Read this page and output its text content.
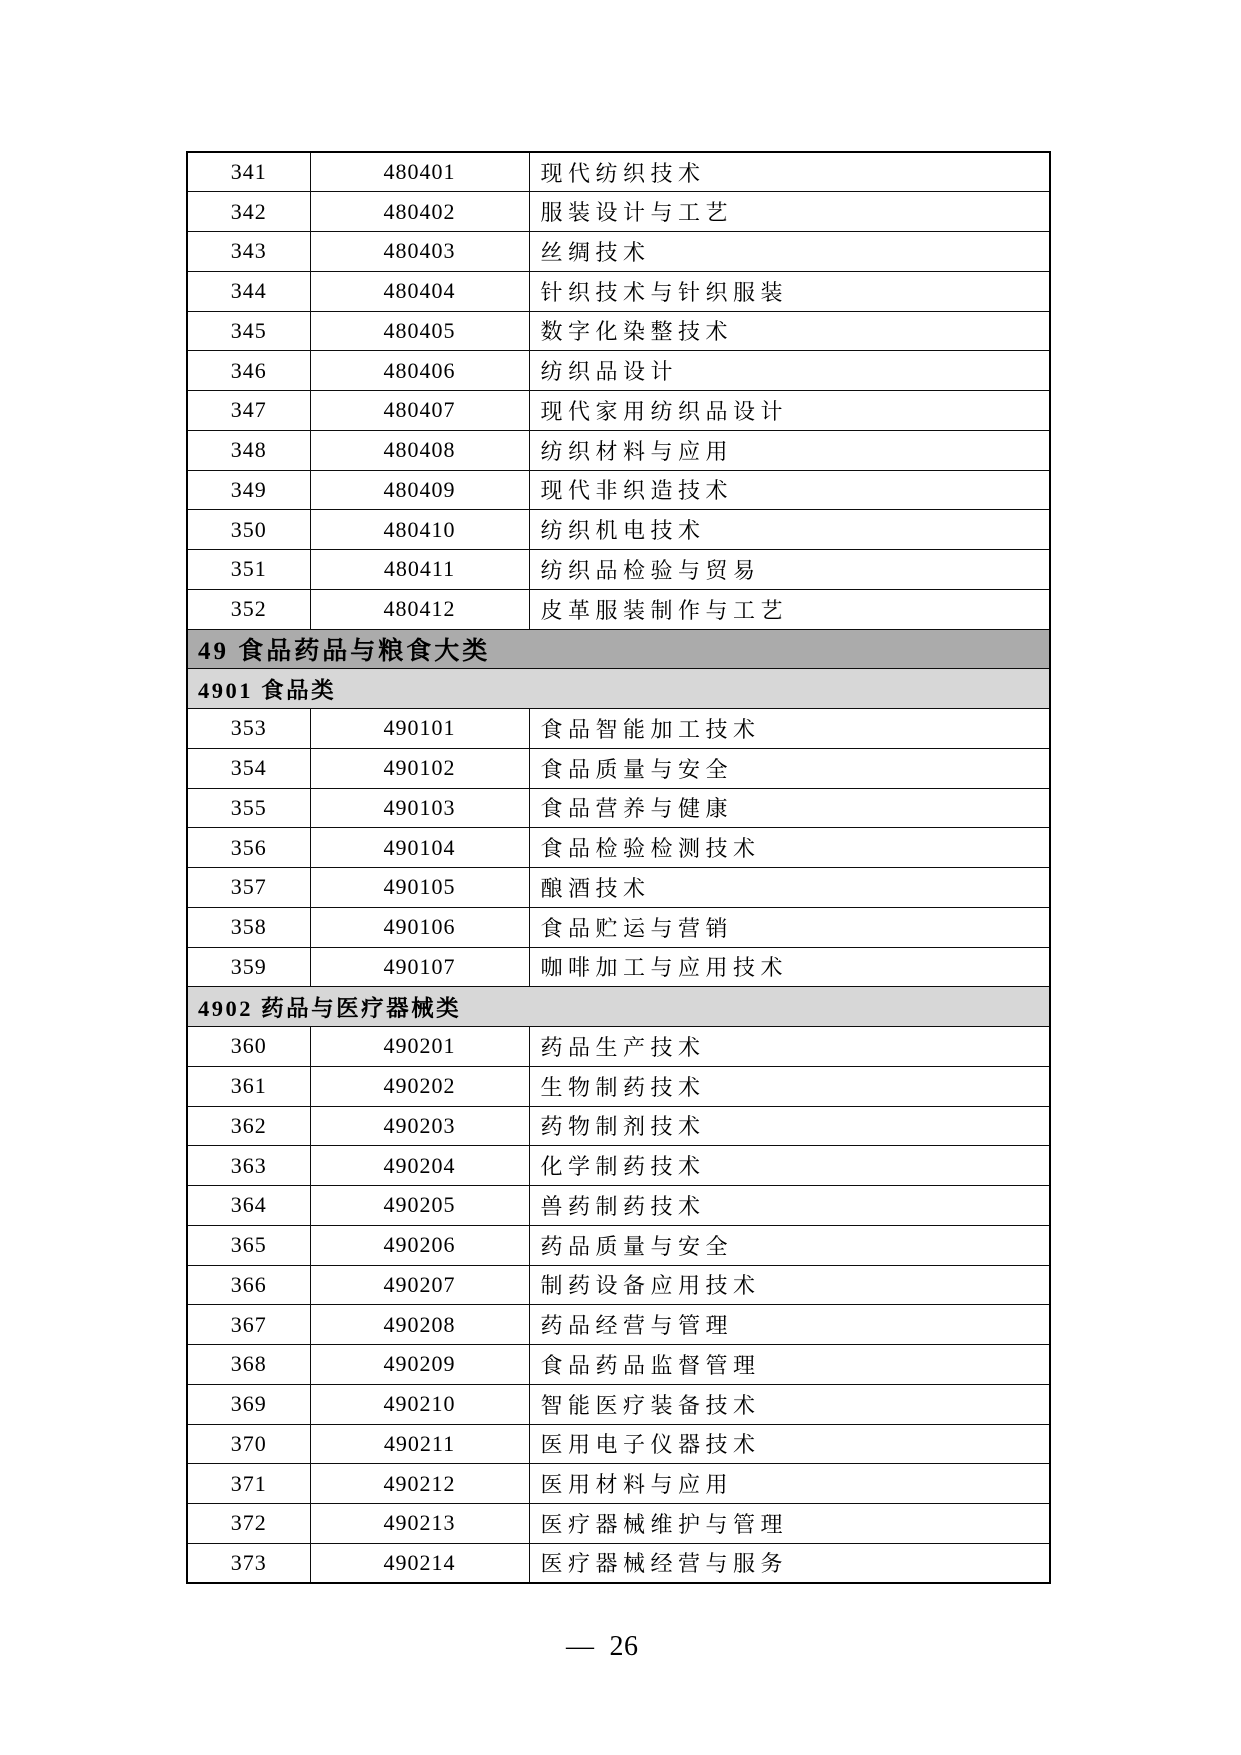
341	480401	现代纺织技术
342	480402	服装设计与工艺
343	480403	丝绸技术
344	480404	针织技术与针织服装
345	480405	数字化染整技术
346	480406	纺织品设计
347	480407	现代家用纺织品设计
348	480408	纺织材料与应用
349	480409	现代非织造技术
350	480410	纺织机电技术
351	480411	纺织品检验与贸易
352	480412	皮革服装制作与工艺
49 食品药品与粮食大类		
4901 食品类		
353	490101	食品智能加工技术
354	490102	食品质量与安全
355	490103	食品营养与健康
356	490104	食品检验检测技术
357	490105	酿酒技术
358	490106	食品贮运与营销
359	490107	咖啡加工与应用技术
4902 药品与医疗器械类		
360	490201	药品生产技术
361	490202	生物制药技术
362	490203	药物制剂技术
363	490204	化学制药技术
364	490205	兽药制药技术
365	490206	药品质量与安全
366	490207	制药设备应用技术
367	490208	药品经营与管理
368	490209	食品药品监督管理
369	490210	智能医疗装备技术
370	490211	医用电子仪器技术
371	490212	医用材料与应用
372	490213	医疗器械维护与管理
373	490214	医疗器械经营与服务
— 26
